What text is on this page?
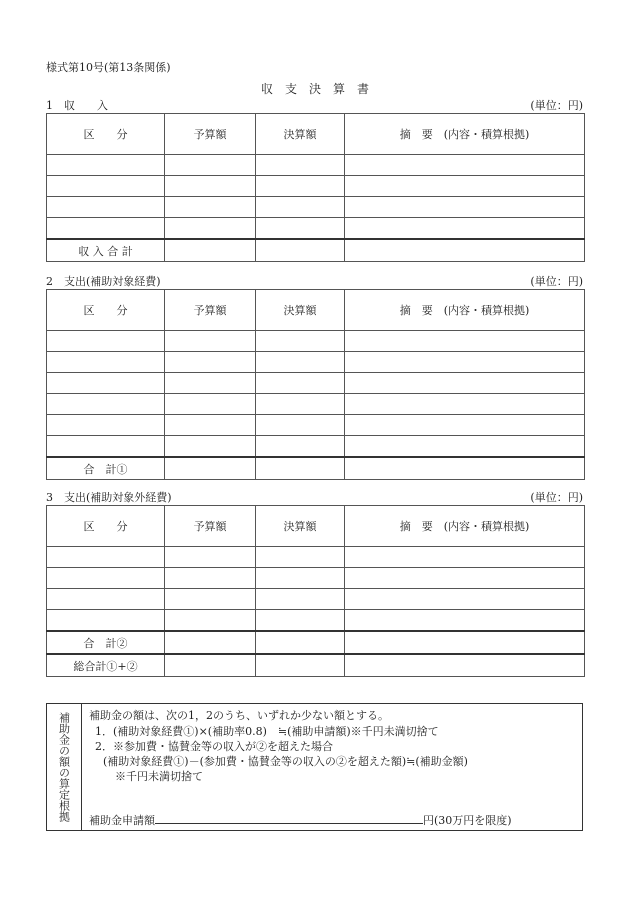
様式第10号(第13条関係)
収　支　決　算　書
1　収　　入	(単位：円)
区　　分	予算額	決算額	摘　要　(内容・積算根拠)

収 入 合 計			
2　支出(補助対象経費)	(単位：円)
区　　分	予算額	決算額	摘　要　(内容・積算根拠)

合　計①			
3　支出(補助対象外経費)	(単位：円)
区　　分	予算額	決算額	摘　要　(内容・積算根拠)

合　計②			
総合計①+②			
補助金の額の算定根拠 補助金の額は、次の1，2のうち、いずれか少ない額とする。
1．(補助対象経費①)×(補助率0.8)　≒(補助申請額)※千円未満切捨て
2．※参加費・協賛金等の収入が②を超えた場合
(補助対象経費①)－(参加費・協賛金等の収入の②を超えた額)≒(補助金額)
※千円未満切捨て
補助金申請額	円(30万円を限度)
